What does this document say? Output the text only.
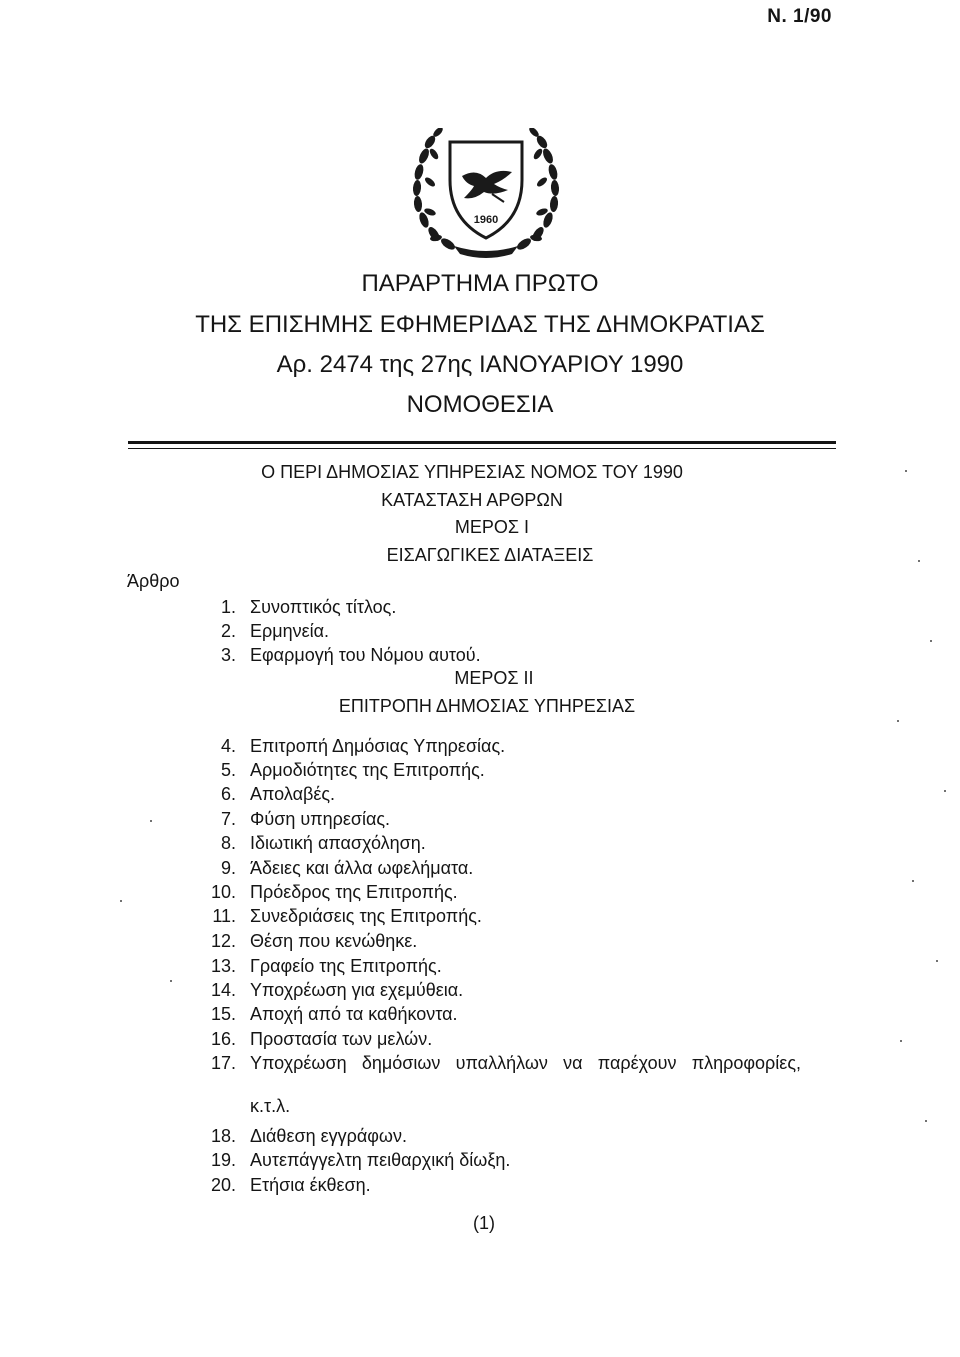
Ν. 1/90
1960
ΠΑΡΑΡΤΗΜΑ ΠΡΩΤΟ
ΤΗΣ ΕΠΙΣΗΜΗΣ ΕΦΗΜΕΡΙΔΑΣ ΤΗΣ ΔΗΜΟΚΡΑΤΙΑΣ
Αρ. 2474 της 27ης ΙΑΝΟΥΑΡΙΟΥ 1990
ΝΟΜΟΘΕΣΙΑ
Ο ΠΕΡΙ ΔΗΜΟΣΙΑΣ ΥΠΗΡΕΣΙΑΣ ΝΟΜΟΣ ΤΟΥ 1990
ΚΑΤΑΣΤΑΣΗ ΑΡΘΡΩΝ
ΜΕΡΟΣ Ι
ΕΙΣΑΓΩΓΙΚΕΣ ΔΙΑΤΑΞΕΙΣ
Άρθρο
1. Συνοπτικός τίτλος.
2. Ερμηνεία.
3. Εφαρμογή του Νόμου αυτού.
ΜΕΡΟΣ ΙΙ
ΕΠΙΤΡΟΠΗ ΔΗΜΟΣΙΑΣ ΥΠΗΡΕΣΙΑΣ
4. Επιτροπή Δημόσιας Υπηρεσίας.
5. Αρμοδιότητες της Επιτροπής.
6. Απολαβές.
7. Φύση υπηρεσίας.
8. Ιδιωτική απασχόληση.
9. Άδειες και άλλα ωφελήματα.
10. Πρόεδρος της Επιτροπής.
11. Συνεδριάσεις της Επιτροπής.
12. Θέση που κενώθηκε.
13. Γραφείο της Επιτροπής.
14. Υποχρέωση για εχεμύθεια.
15. Αποχή από τα καθήκοντα.
16. Προστασία των μελών.
17. Υποχρέωση δημόσιων υπαλλήλων να παρέχουν πληροφορίες,
18. Διάθεση εγγράφων.
19. Αυτεπάγγελτη πειθαρχική δίωξη.
20. Ετήσια έκθεση.
κ.τ.λ.
(1)
